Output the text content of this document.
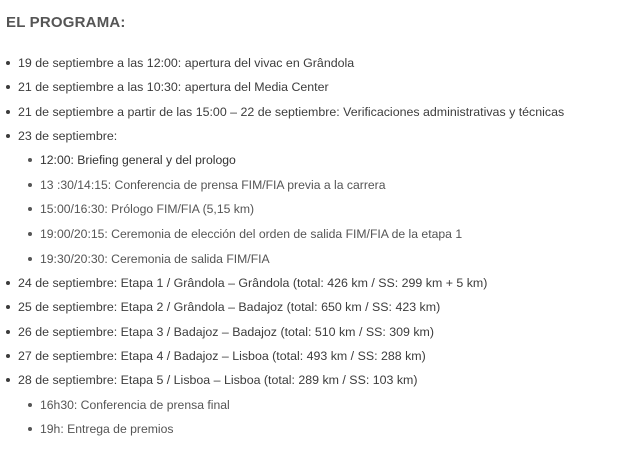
EL PROGRAMA:
19 de septiembre a las 12:00: apertura del vivac en Grândola
21 de septiembre a las 10:30: apertura del Media Center
21 de septiembre a partir de las 15:00 – 22 de septiembre: Verificaciones administrativas y técnicas
23 de septiembre:
12:00: Briefing general y del prologo
13 :30/14:15: Conferencia de prensa FIM/FIA previa a la carrera
15:00/16:30: Prólogo FIM/FIA (5,15 km)
19:00/20:15: Ceremonia de elección del orden de salida FIM/FIA de la etapa 1
19:30/20:30: Ceremonia de salida FIM/FIA
24 de septiembre: Etapa 1 / Grândola – Grândola (total: 426 km / SS: 299 km + 5 km)
25 de septiembre: Etapa 2 / Grândola – Badajoz (total: 650 km / SS: 423 km)
26 de septiembre: Etapa 3 / Badajoz – Badajoz (total: 510 km / SS: 309 km)
27 de septiembre: Etapa 4 / Badajoz – Lisboa (total: 493 km / SS: 288 km)
28 de septiembre: Etapa 5 / Lisboa – Lisboa (total: 289 km / SS: 103 km)
16h30: Conferencia de prensa final
19h: Entrega de premios
